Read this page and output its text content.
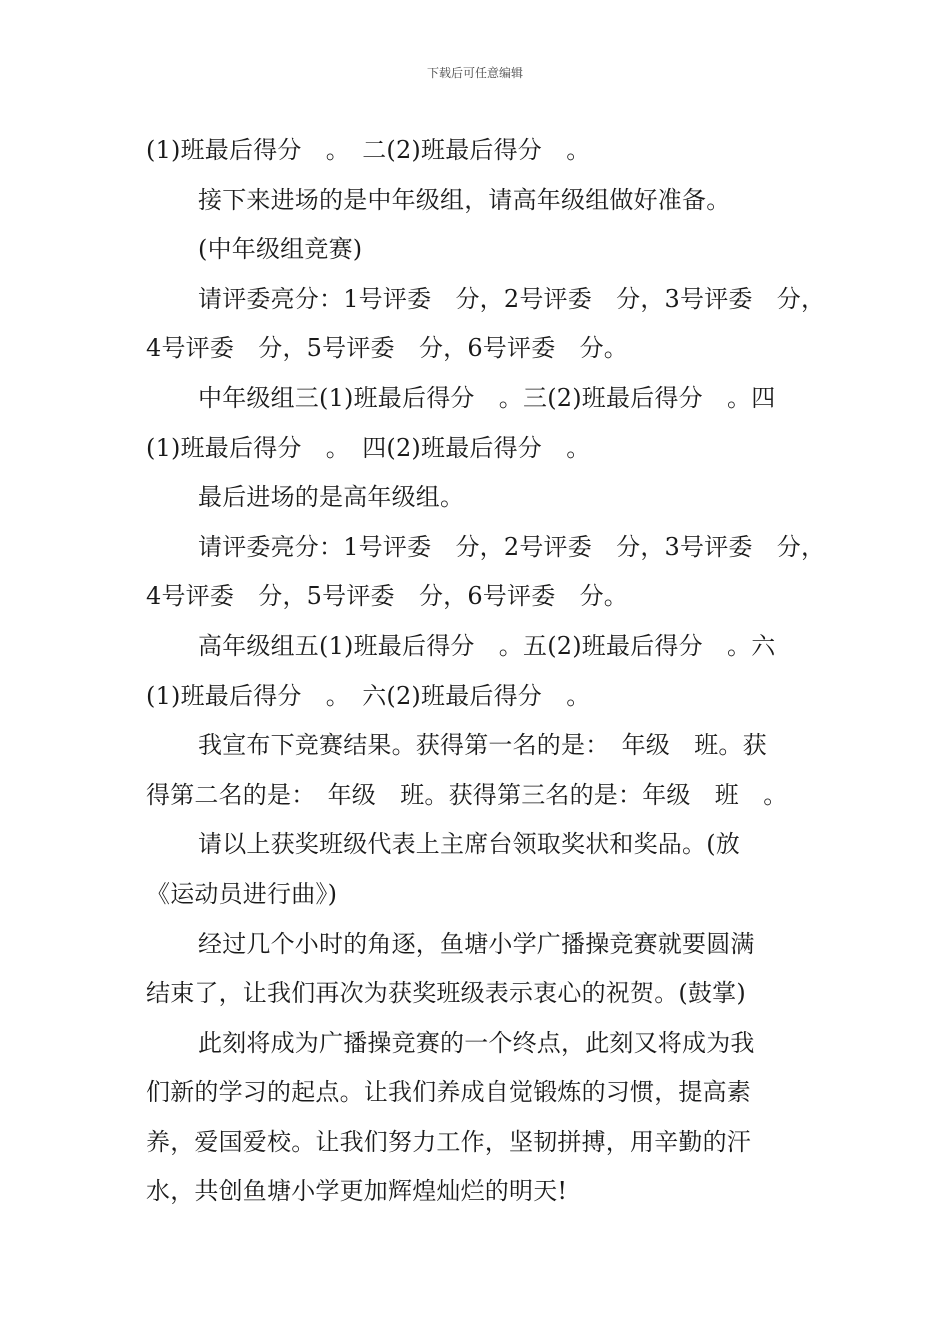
下载后可任意编辑

(1)班最后得分　。　二(2)班最后得分　。

接下来进场的是中年级组，请高年级组做好准备。

(中年级组竞赛)

请评委亮分：1号评委　分，2号评委　分，3号评委　分，

4号评委　分，5号评委　分，6号评委　分。

中年级组三(1)班最后得分　。三(2)班最后得分　。四

(1)班最后得分　。　四(2)班最后得分　。

最后进场的是高年级组。

请评委亮分：1号评委　分，2号评委　分，3号评委　分，

4号评委　分，5号评委　分，6号评委　分。

高年级组五(1)班最后得分　。五(2)班最后得分　。六

(1)班最后得分　。　六(2)班最后得分　。

我宣布下竞赛结果。获得第一名的是：　年级　班。获

得第二名的是：　年级　班。获得第三名的是：年级　班　。

请以上获奖班级代表上主席台领取奖状和奖品。(放

《运动员进行曲》)

经过几个小时的角逐，鱼塘小学广播操竞赛就要圆满

结束了，让我们再次为获奖班级表示衷心的祝贺。(鼓掌)

此刻将成为广播操竞赛的一个终点，此刻又将成为我

们新的学习的起点。让我们养成自觉锻炼的习惯，提高素

养，爱国爱校。让我们努力工作，坚韧拼搏，用辛勤的汗

水，共创鱼塘小学更加辉煌灿烂的明天!
